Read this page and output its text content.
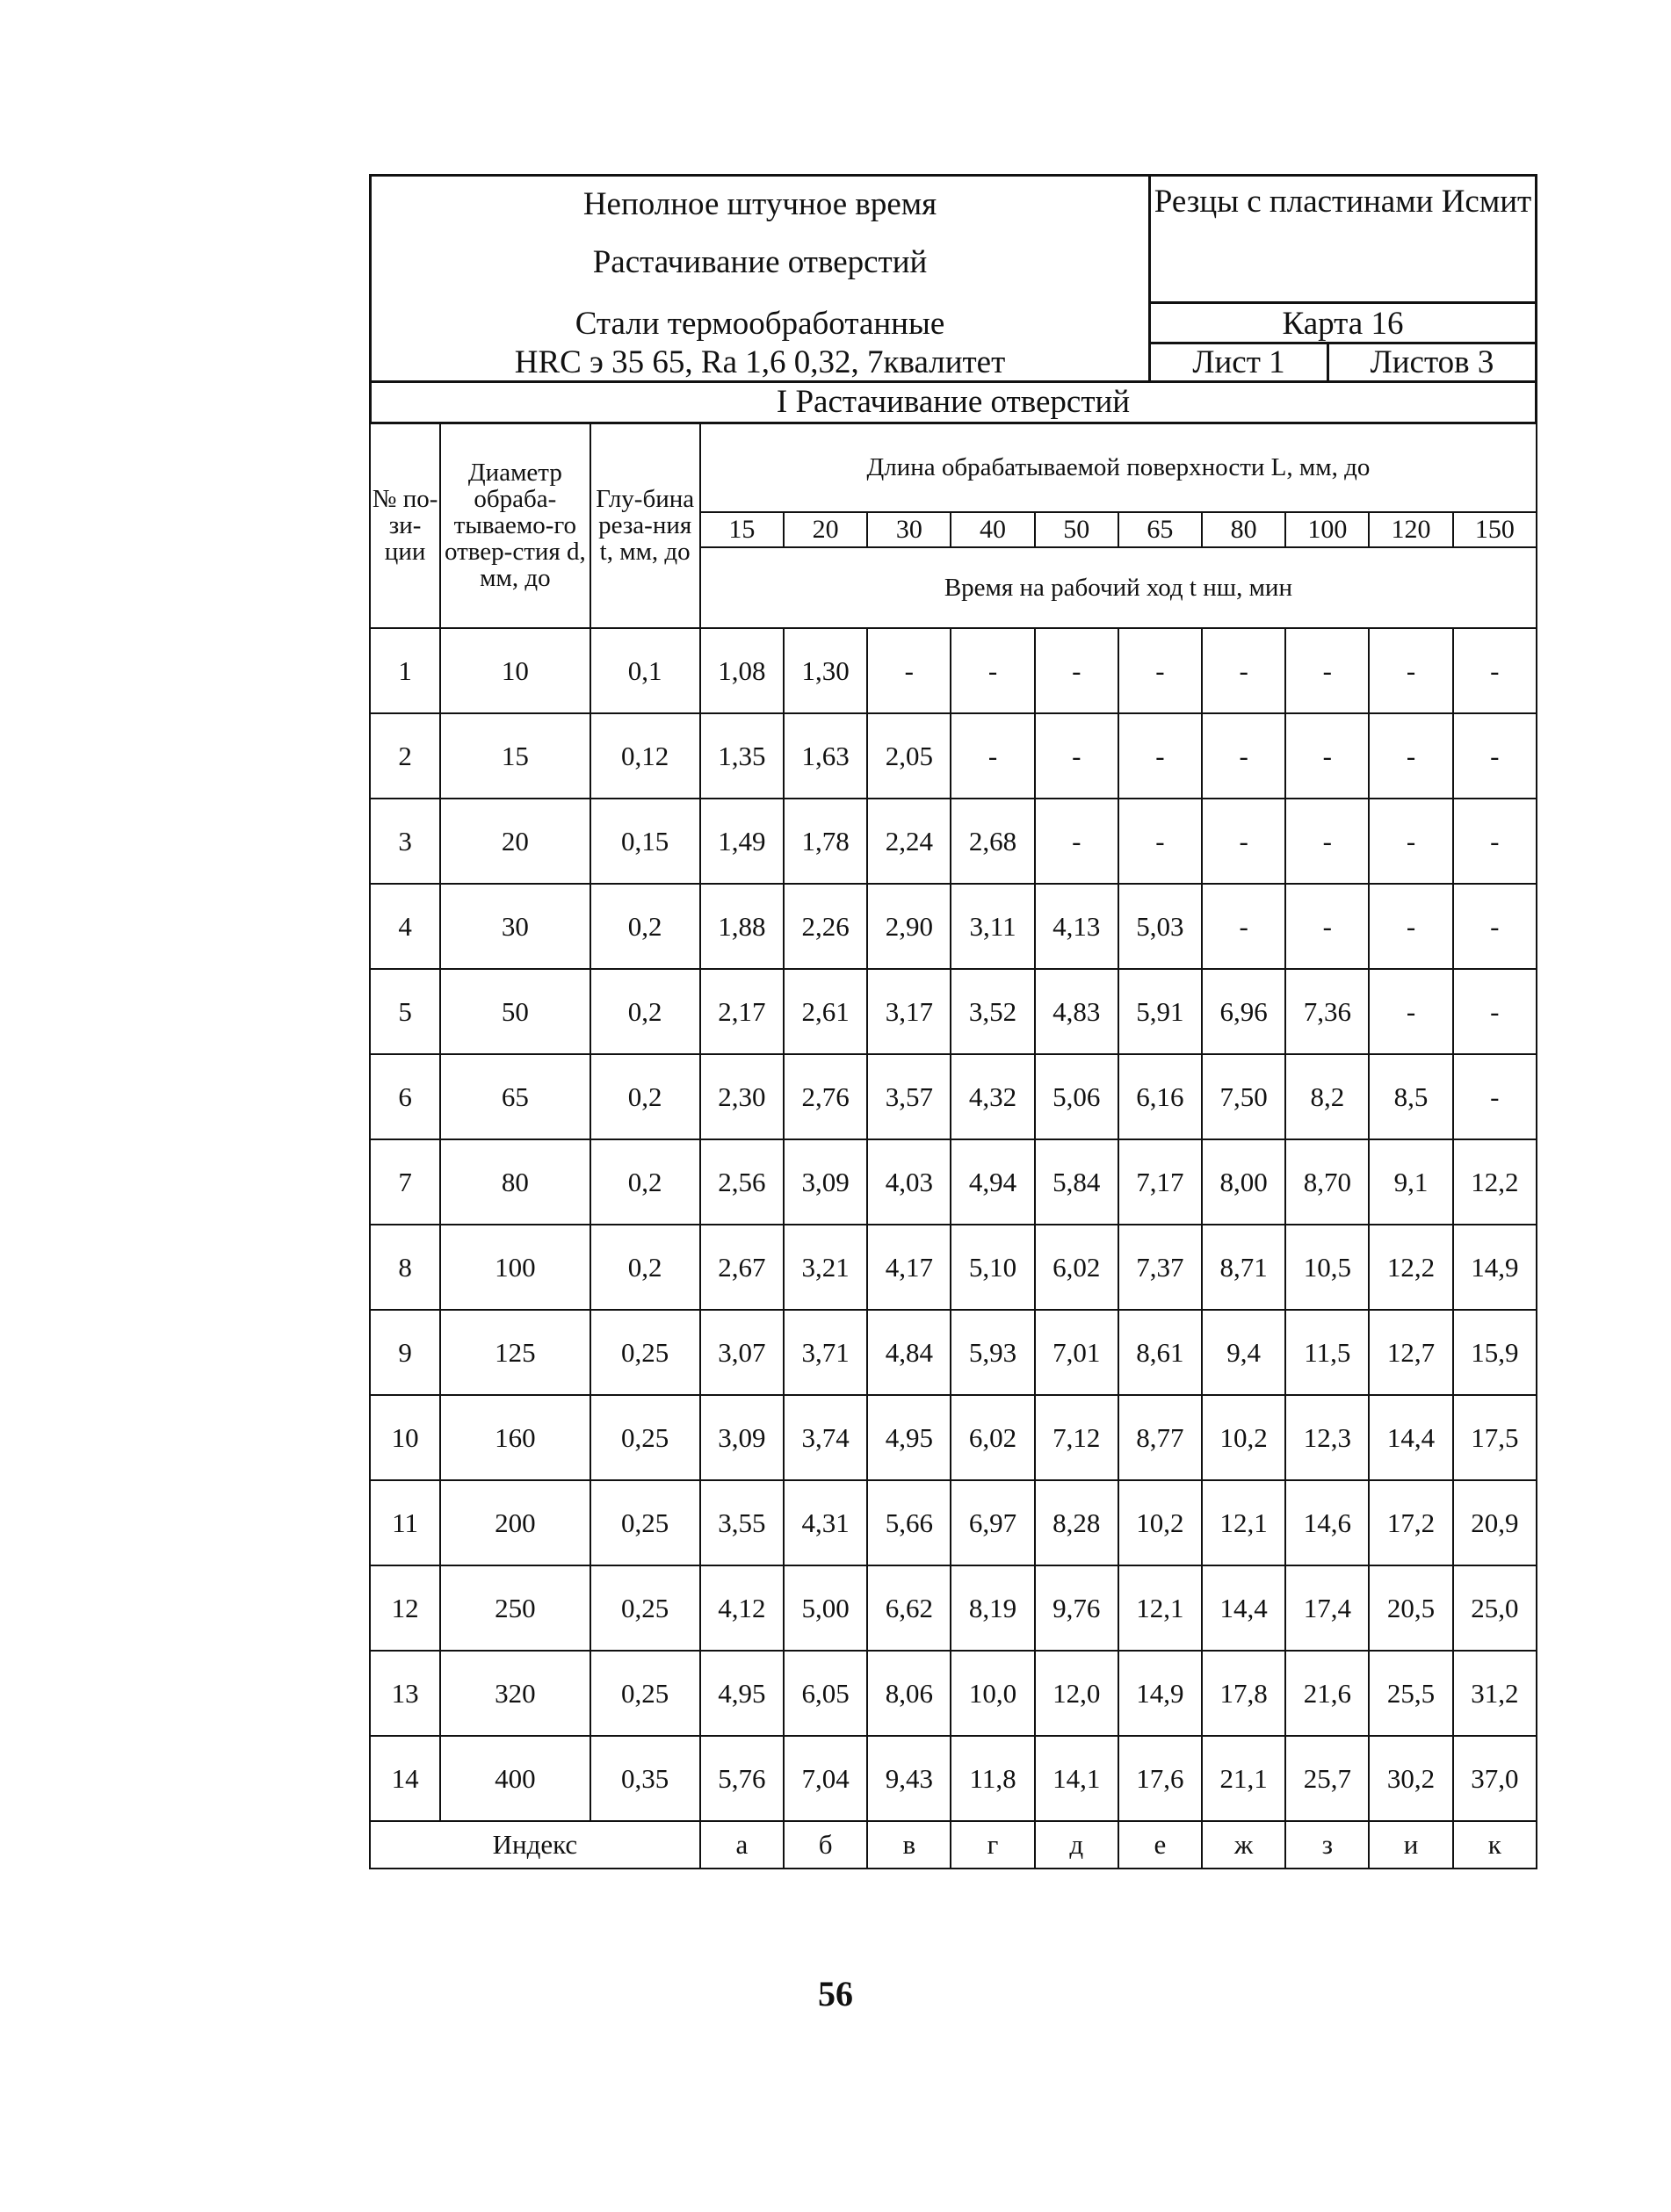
Неполное штучное время
Растачивание отверстий
Стали термообработанные
HRC э 35 65, Ra 1,6 0,32, 7квалитет
Резцы с пластинами Исмит
Карта 16
Лист 1	Листов 3
I Растачивание отверстий
№ по-зи-ции	Диаметр обраба-тываемо-го отвер-стия d, мм, до	Глу-бина реза-ния t, мм, до	Длина обрабатываемой поверхности L, мм, до									
			15	20	30	40	50	65	80	100	120	150
			Время на рабочий ход t нш, мин									
1	10	0,1	1,08	1,30	-	-	-	-	-	-	-	-
2	15	0,12	1,35	1,63	2,05	-	-	-	-	-	-	-
3	20	0,15	1,49	1,78	2,24	2,68	-	-	-	-	-	-
4	30	0,2	1,88	2,26	2,90	3,11	4,13	5,03	-	-	-	-
5	50	0,2	2,17	2,61	3,17	3,52	4,83	5,91	6,96	7,36	-	-
6	65	0,2	2,30	2,76	3,57	4,32	5,06	6,16	7,50	8,2	8,5	-
7	80	0,2	2,56	3,09	4,03	4,94	5,84	7,17	8,00	8,70	9,1	12,2
8	100	0,2	2,67	3,21	4,17	5,10	6,02	7,37	8,71	10,5	12,2	14,9
9	125	0,25	3,07	3,71	4,84	5,93	7,01	8,61	9,4	11,5	12,7	15,9
10	160	0,25	3,09	3,74	4,95	6,02	7,12	8,77	10,2	12,3	14,4	17,5
11	200	0,25	3,55	4,31	5,66	6,97	8,28	10,2	12,1	14,6	17,2	20,9
12	250	0,25	4,12	5,00	6,62	8,19	9,76	12,1	14,4	17,4	20,5	25,0
13	320	0,25	4,95	6,05	8,06	10,0	12,0	14,9	17,8	21,6	25,5	31,2
14	400	0,35	5,76	7,04	9,43	11,8	14,1	17,6	21,1	25,7	30,2	37,0
Индекс			а	б	в	г	д	е	ж	з	и	к
56
